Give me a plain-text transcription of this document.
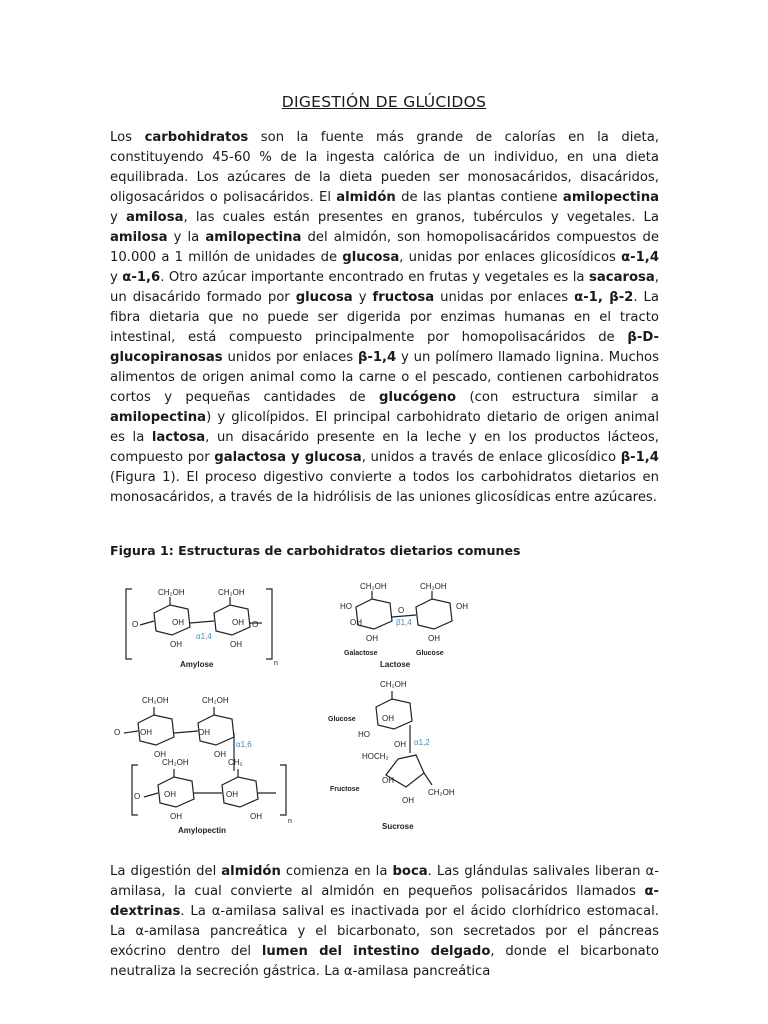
DIGESTIÓN DE GLÚCIDOS
Los carbohidratos son la fuente más grande de calorías en la dieta, constituyendo 45-60 % de la ingesta calórica de un individuo, en una dieta equilibrada. Los azúcares de la dieta pueden ser monosacáridos, disacáridos, oligosacáridos o polisacáridos. El almidón de las plantas contiene amilopectina y amilosa, las cuales están presentes en granos, tubérculos y vegetales. La amilosa y la amilopectina del almidón, son homopolisacáridos compuestos de 10.000 a 1 millón de unidades de glucosa, unidas por enlaces glicosídicos α-1,4 y α-1,6. Otro azúcar importante encontrado en frutas y vegetales es la sacarosa, un disacárido formado por glucosa y fructosa unidas por enlaces α-1, β-2. La fibra dietaria que no puede ser digerida por enzimas humanas en el tracto intestinal, está compuesto principalmente por homopolisacáridos de β-D-glucopiranosas unidos por enlaces β-1,4 y un polímero llamado lignina. Muchos alimentos de origen animal como la carne o el pescado, contienen carbohidratos cortos y pequeñas cantidades de glucógeno (con estructura similar a amilopectina) y glicolípidos. El principal carbohidrato dietario de origen animal es la lactosa, un disacárido presente en la leche y en los productos lácteos, compuesto por galactosa y glucosa, unidos a través de enlace glicosídico β-1,4 (Figura 1). El proceso digestivo convierte a todos los carbohidratos dietarios en monosacáridos, a través de la hidrólisis de las uniones glicosídicas entre azúcares.
Figura 1: Estructuras de carbohidratos dietarios comunes
CH₂OH	CH₂OH
O	OH	OH
OH	OH
O
α1,4
n
Amylose
CH₂OH	CH₂OH
HO	O	OH
OH
OH	OH
β1,4
Galactose	Glucose
Lactose
CH₂OH	CH₂OH
O OH	OH
OH	OH
α1,6
CH₂OH	CH₂
O	OH	OH
OH	OH
n
Amylopectin
CH₂OH
Glucose
HO
OH
OH α1,2
HOCH₂
Fructose
OH
OH
CH₂OH
Sucrose
La digestión del almidón comienza en la boca. Las glándulas salivales liberan α-amilasa, la cual convierte al almidón en pequeños polisacáridos llamados α-dextrinas. La α-amilasa salival es inactivada por el ácido clorhídrico estomacal. La α-amilasa pancreática y el bicarbonato, son secretados por el páncreas exócrino dentro del lumen del intestino delgado, donde el bicarbonato neutraliza la secreción gástrica. La α-amilasa pancreática
